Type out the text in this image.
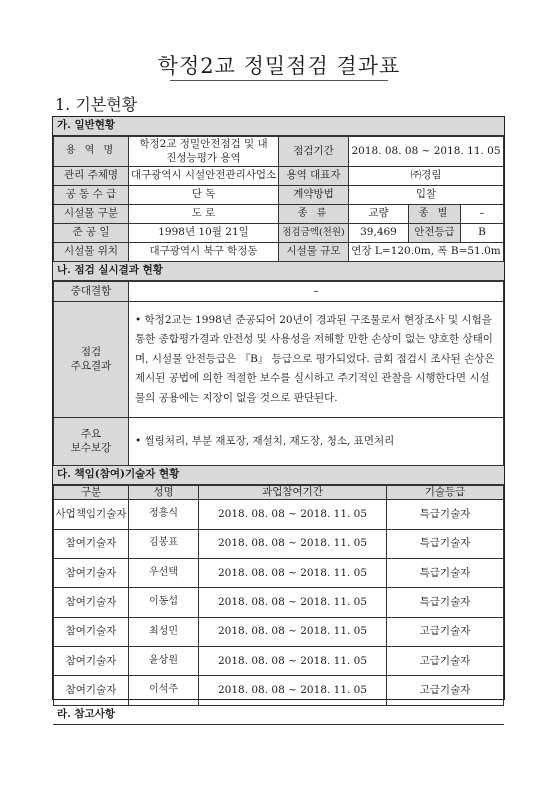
학정2교 정밀점검 결과표
1. 기본현황
가. 일반현황
용 역 명	학정2교 정밀안전점검 및 내진성능평가 용역	점검기간	2018. 08. 08 ~ 2018. 11. 05		
관리 주체명	대구광역시 시설안전관리사업소	용역 대표자	㈜경림		
공 동 수 급	단 독	계약방법	입찰		
시설물 구분	도 로	종 류	교량	종 별	–
준 공 일	1998년 10월 21일	점검금액(천원)	39,469	안전등급	B
시설물 위치	대구광역시 북구 학정동	시설물 규모	연장 L=120.0m, 폭 B=51.0m		
나. 점검 실시결과 현황
중대결함	–
점검
주요결과	• 학정2교는 1998년 준공되어 20년이 경과된 구조물로서 현장조사 및 시험을 통한 종합평가결과 안전성 및 사용성을 저해할 만한 손상이 없는 양호한 상태이며, 시설물 안전등급은 『B』 등급으로 평가되었다. 금회 점검시 조사된 손상은 제시된 공법에 의한 적절한 보수를 실시하고 주기적인 관찰을 시행한다면 시설물의 공용에는 지장이 없을 것으로 판단된다.
주요
보수보강	• 씰링처리, 부분 재포장, 재설치, 재도장, 청소, 표면처리
다. 책임(참여)기술자 현황
구분	성명	과업참여기간	기술등급
사업책임기술자	정흥식	2018. 08. 08 ~ 2018. 11. 05	특급기술자
참여기술자	김봉표	2018. 08. 08 ~ 2018. 11. 05	특급기술자
참여기술자	우선택	2018. 08. 08 ~ 2018. 11. 05	특급기술자
참여기술자	이동섭	2018. 08. 08 ~ 2018. 11. 05	특급기술자
참여기술자	최성민	2018. 08. 08 ~ 2018. 11. 05	고급기술자
참여기술자	윤상원	2018. 08. 08 ~ 2018. 11. 05	고급기술자
참여기술자	이석주	2018. 08. 08 ~ 2018. 11. 05	고급기술자
라. 참고사항
